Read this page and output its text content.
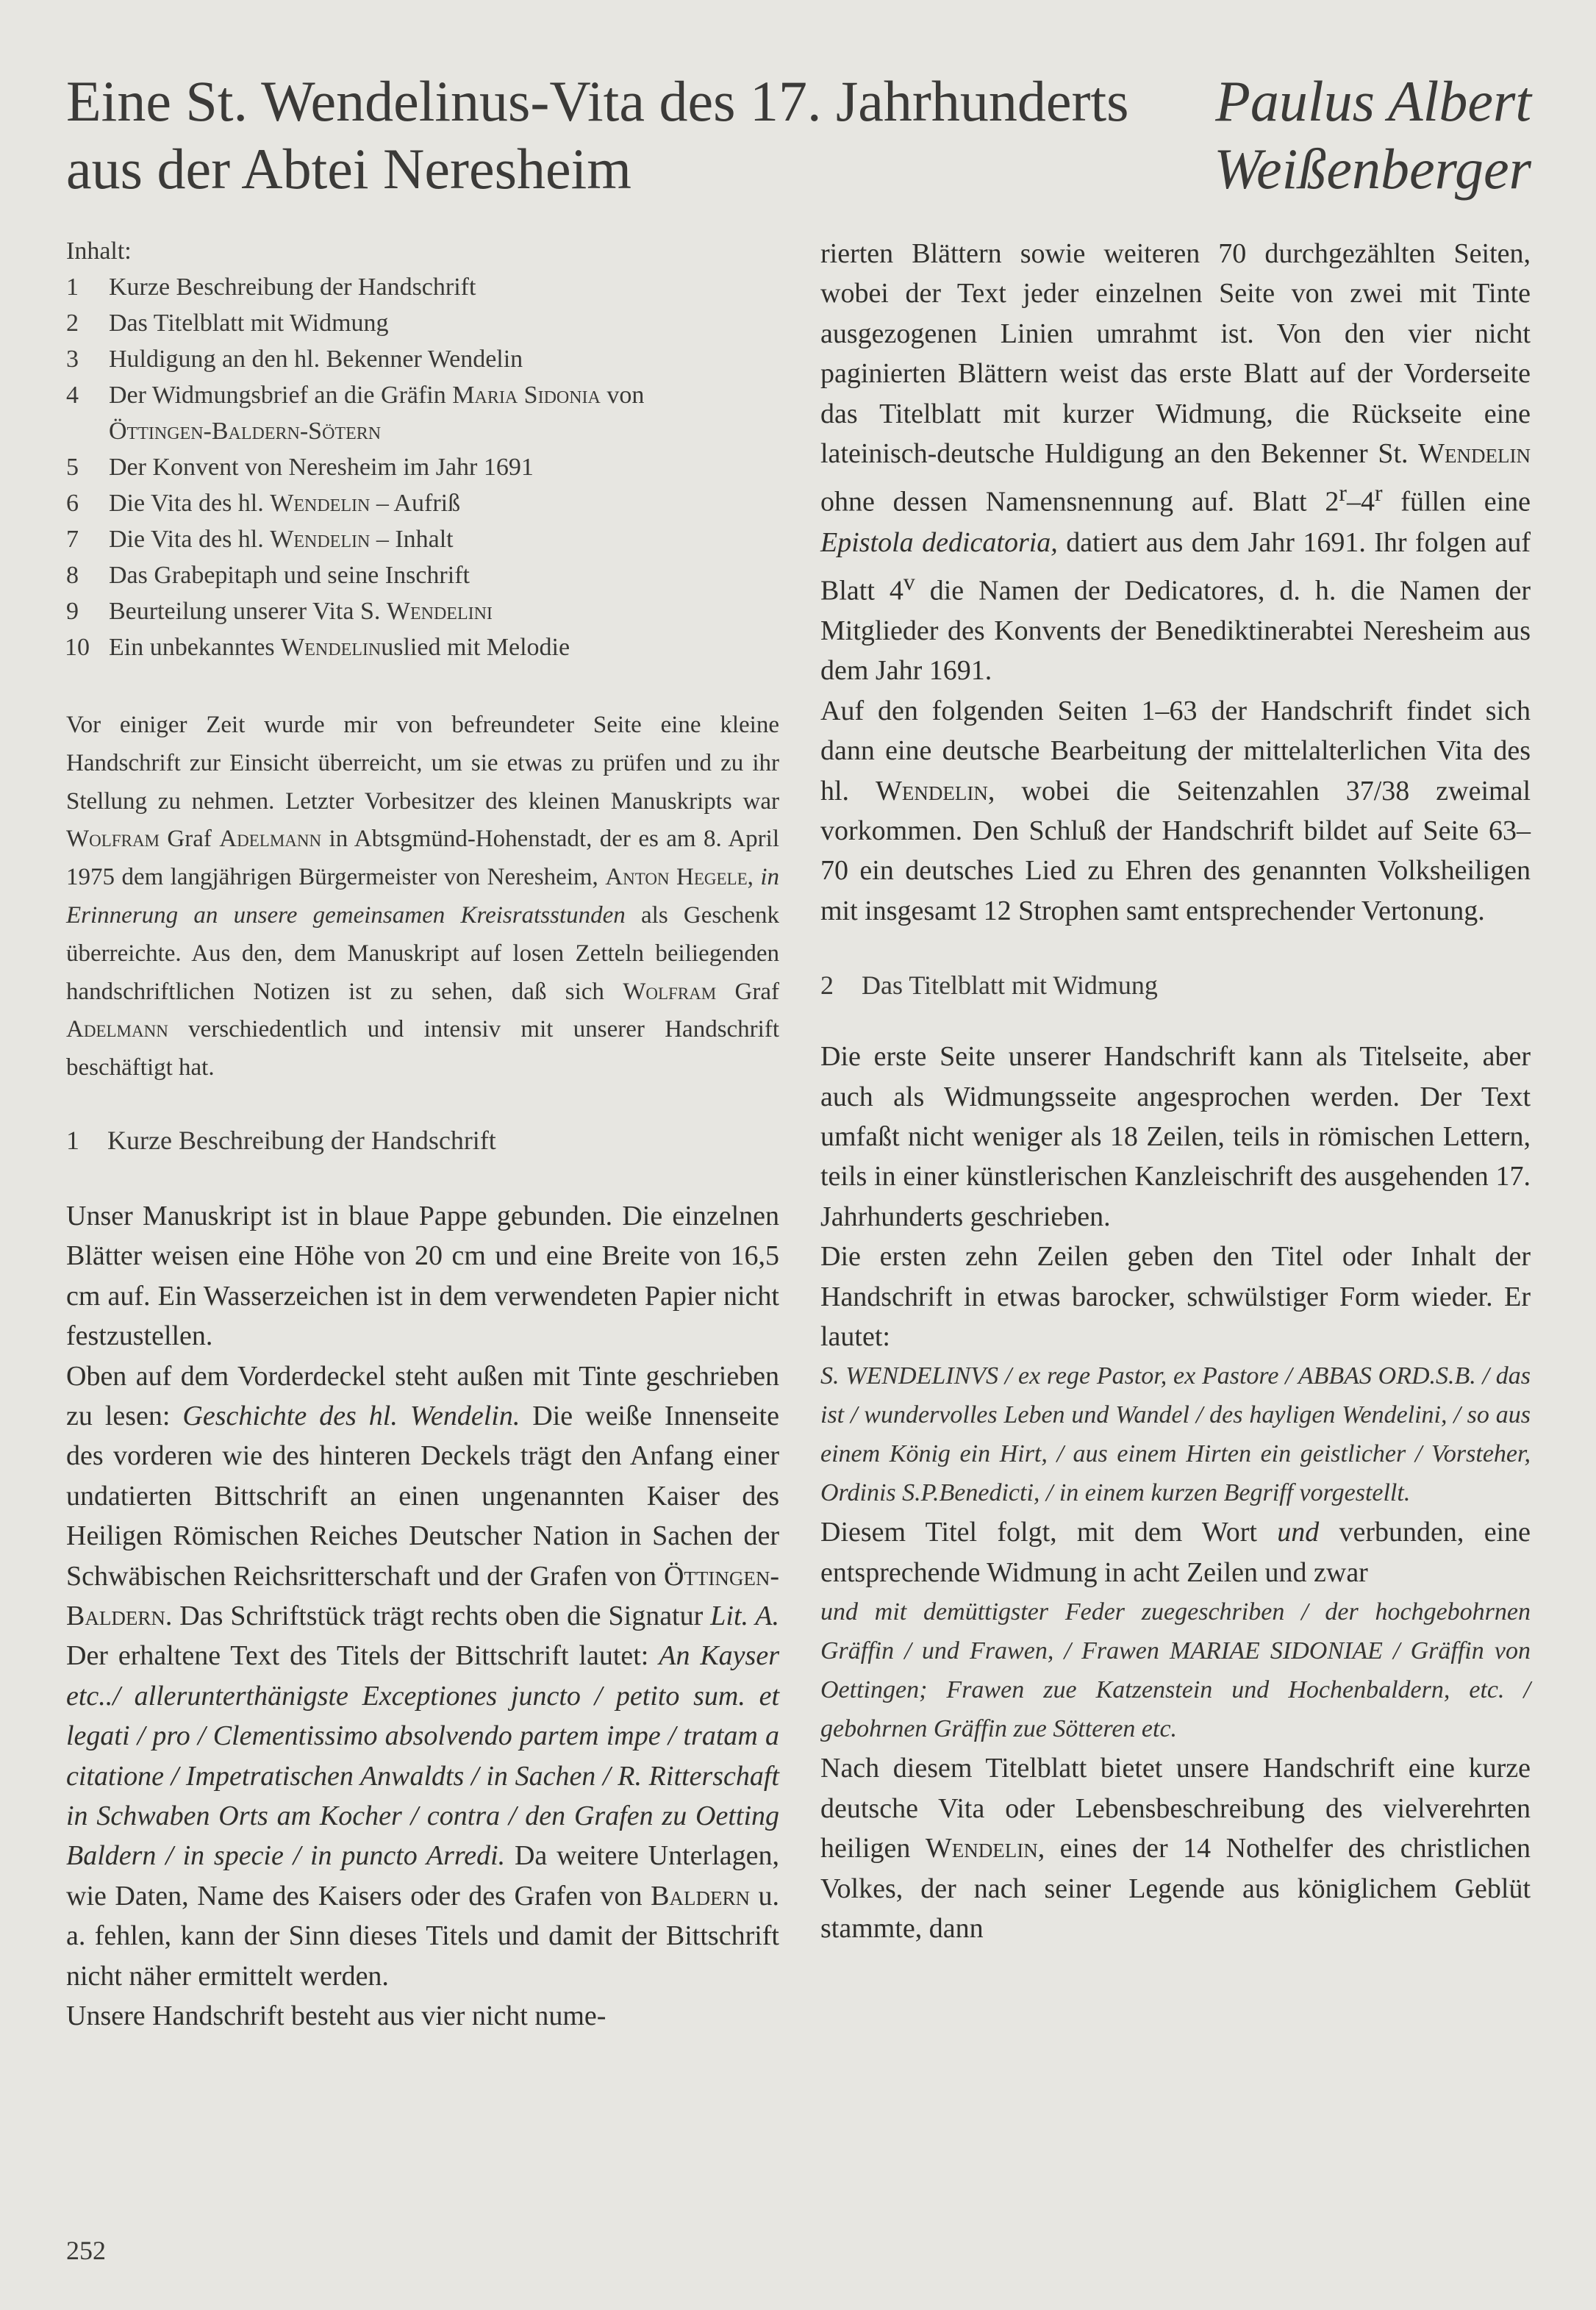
Eine St. Wendelinus-Vita des 17. Jahrhunderts
aus der Abtei Neresheim
Paulus Albert
Weißenberger
Inhalt:
1	Kurze Beschreibung der Handschrift
2	Das Titelblatt mit Widmung
3	Huldigung an den hl. Bekenner Wendelin
4	Der Widmungsbrief an die Gräfin Maria Sidonia von
Öttingen-Baldern-Sötern
5	Der Konvent von Neresheim im Jahr 1691
6	Die Vita des hl. Wendelin – Aufriß
7	Die Vita des hl. Wendelin – Inhalt
8	Das Grabepitaph und seine Inschrift
9	Beurteilung unserer Vita S. Wendelini
10 Ein unbekanntes Wendelinuslied mit Melodie

Vor einiger Zeit wurde mir von befreundeter Seite eine kleine Handschrift zur Einsicht überreicht, um sie etwas zu prüfen und zu ihr Stellung zu nehmen. Letzter Vorbesitzer des kleinen Manuskripts war Wolfram Graf Adelmann in Abtsgmünd-Hohenstadt, der es am 8. April 1975 dem langjährigen Bürgermeister von Neresheim, Anton Hegele, in Erinnerung an unsere gemeinsamen Kreisratsstunden als Geschenk überreichte. Aus den, dem Manuskript auf losen Zetteln beiliegenden handschriftlichen Notizen ist zu sehen, daß sich Wolfram Graf Adelmann verschiedentlich und intensiv mit unserer Handschrift beschäftigt hat.

1 Kurze Beschreibung der Handschrift

Unser Manuskript ist in blaue Pappe gebunden. Die einzelnen Blätter weisen eine Höhe von 20 cm und eine Breite von 16,5 cm auf. Ein Wasserzeichen ist in dem verwendeten Papier nicht festzustellen.

Oben auf dem Vorderdeckel steht außen mit Tinte geschrieben zu lesen: Geschichte des hl. Wendelin. Die weiße Innenseite des vorderen wie des hinteren Deckels trägt den Anfang einer undatierten Bittschrift an einen ungenannten Kaiser des Heiligen Römischen Reiches Deutscher Nation in Sachen der Schwäbischen Reichsritterschaft und der Grafen von Öttingen-Baldern. Das Schriftstück trägt rechts oben die Signatur Lit. A. Der erhaltene Text des Titels der Bittschrift lautet: An Kayser etc../ allerunterthänigste Exceptiones juncto / petito sum. et legati / pro / Clementissimo absolvendo partem impe / tratam a citatione / Impetratischen Anwaldts / in Sachen / R. Ritterschaft in Schwaben Orts am Kocher / contra / den Grafen zu Oetting Baldern / in specie / in puncto Arredi. Da weitere Unterlagen, wie Daten, Name des Kaisers oder des Grafen von Baldern u. a. fehlen, kann der Sinn dieses Titels und damit der Bittschrift nicht näher ermittelt werden.

Unsere Handschrift besteht aus vier nicht nume-

rierten Blättern sowie weiteren 70 durchgezählten Seiten, wobei der Text jeder einzelnen Seite von zwei mit Tinte ausgezogenen Linien umrahmt ist. Von den vier nicht paginierten Blättern weist das erste Blatt auf der Vorderseite das Titelblatt mit kurzer Widmung, die Rückseite eine lateinisch-deutsche Huldigung an den Bekenner St. Wendelin ohne dessen Namensnennung auf. Blatt 2$^r$–4$^r$ füllen eine Epistola dedicatoria, datiert aus dem Jahr 1691. Ihr folgen auf Blatt 4$^v$ die Namen der Dedicatores, d. h. die Namen der Mitglieder des Konvents der Benediktinerabtei Neresheim aus dem Jahr 1691.

Auf den folgenden Seiten 1–63 der Handschrift findet sich dann eine deutsche Bearbeitung der mittelalterlichen Vita des hl. Wendelin, wobei die Seitenzahlen 37/38 zweimal vorkommen. Den Schluß der Handschrift bildet auf Seite 63–70 ein deutsches Lied zu Ehren des genannten Volksheiligen mit insgesamt 12 Strophen samt entsprechender Vertonung.

2 Das Titelblatt mit Widmung

Die erste Seite unserer Handschrift kann als Titelseite, aber auch als Widmungsseite angesprochen werden. Der Text umfaßt nicht weniger als 18 Zeilen, teils in römischen Lettern, teils in einer künstlerischen Kanzleischrift des ausgehenden 17. Jahrhunderts geschrieben.

Die ersten zehn Zeilen geben den Titel oder Inhalt der Handschrift in etwas barocker, schwülstiger Form wieder. Er lautet:

S. WENDELINVS / ex rege Pastor, ex Pastore / ABBAS ORD.S.B. / das ist / wundervolles Leben und Wandel / des hayligen Wendelini, / so aus einem König ein Hirt, / aus einem Hirten ein geistlicher / Vorsteher, Ordinis S.P.Benedicti, / in einem kurzen Begriff vorgestellt.

Diesem Titel folgt, mit dem Wort und verbunden, eine entsprechende Widmung in acht Zeilen und zwar

und mit demüttigster Feder zuegeschriben / der hochgebohrnen Gräffin / und Frawen, / Frawen MARIAE SIDONIAE / Gräffin von Oettingen; Frawen zue Katzenstein und Hochenbaldern, etc. / gebohrnen Gräffin zue Sötteren etc.

Nach diesem Titelblatt bietet unsere Handschrift eine kurze deutsche Vita oder Lebensbeschreibung des vielverehrten heiligen Wendelin, eines der 14 Nothelfer des christlichen Volkes, der nach seiner Legende aus königlichem Geblüt stammte, dann

252
